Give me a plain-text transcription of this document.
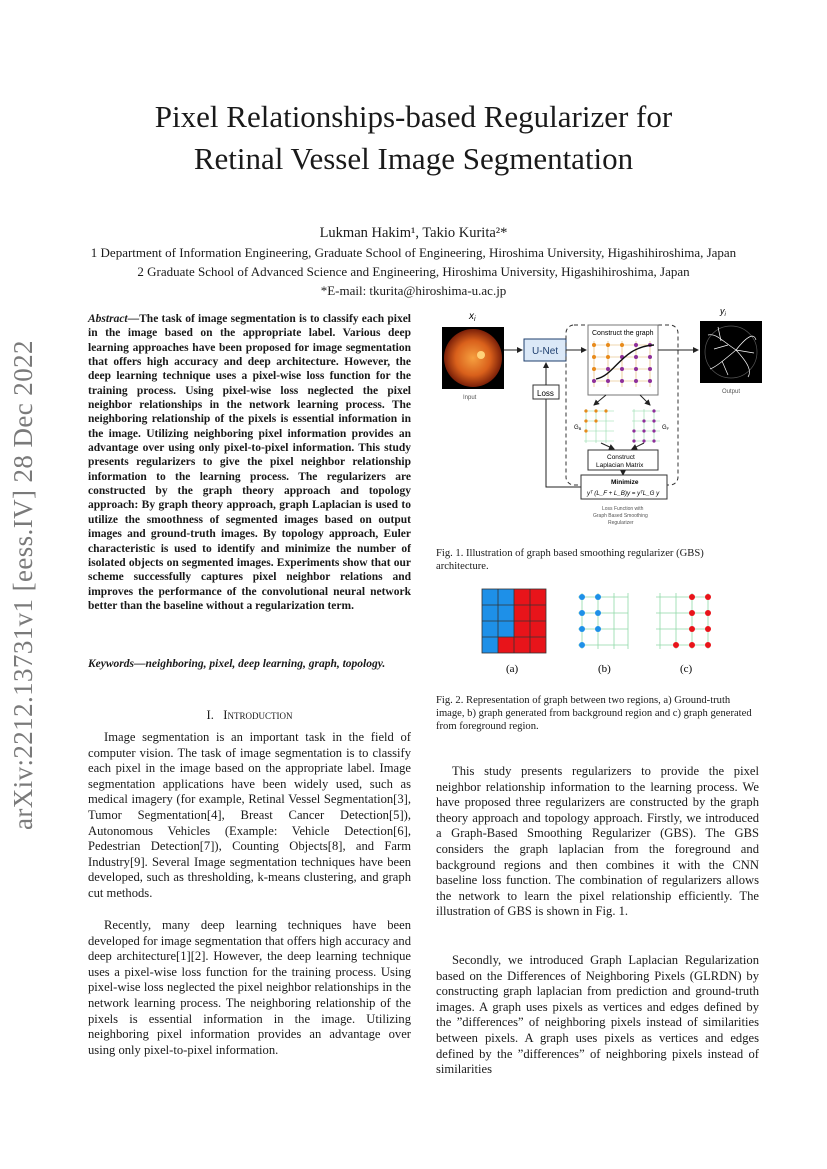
Pixel Relationships-based Regularizer for
Retinal Vessel Image Segmentation
Lukman Hakim¹, Takio Kurita²*
1 Department of Information Engineering, Graduate School of Engineering, Hiroshima University, Higashihiroshima, Japan
2 Graduate School of Advanced Science and Engineering, Hiroshima University, Higashihiroshima, Japan
*E-mail: tkurita@hiroshima-u.ac.jp
arXiv:2212.13731v1 [eess.IV] 28 Dec 2022
Abstract—The task of image segmentation is to classify each pixel in the image based on the appropriate label. Various deep learning approaches have been proposed for image segmentation that offers high accuracy and deep architecture. However, the deep learning technique uses a pixel-wise loss function for the training process. Using pixel-wise loss neglected the pixel neighbor relationships in the network learning process. The neighboring relationship of the pixels is essential information in the image. Utilizing neighboring pixel information provides an advantage over using only pixel-to-pixel information. This study presents regularizers to give the pixel neighbor relationship information to the learning process. The regularizers are constructed by the graph theory approach and topology approach: By graph theory approach, graph Laplacian is used to utilize the smoothness of segmented images based on output images and ground-truth images. By topology approach, Euler characteristic is used to identify and minimize the number of isolated objects on segmented images. Experiments show that our scheme successfully captures pixel neighbor relations and improves the performance of the convolutional neural network better than the baseline without a regularization term.
Keywords—neighboring, pixel, deep learning, graph, topology.
I. Introduction

Image segmentation is an important task in the field of computer vision. The task of image segmentation is to classify each pixel in the image based on the appropriate label. Image segmentation applications have been widely used, such as medical imagery (for example, Retinal Vessel Segmentation[3], Tumor Segmentation[4], Breast Cancer Detection[5]), Autonomous Vehicles (Example: Vehicle Detection[6], Pedestrian Detection[7]), Counting Objects[8], and Farm Industry[9]. Several Image segmentation techniques have been developed, such as thresholding, k-means clustering, and graph cut methods.

Recently, many deep learning techniques have been developed for image segmentation that offers high accuracy and deep architecture[1][2]. However, the deep learning technique uses a pixel-wise loss function for the training process. Using pixel-wise loss neglected the pixel neighbor relationships in the network learning process. The neighboring relationship of the pixels is essential information in the image. Utilizing neighboring pixel information provides an advantage over using only pixel-to-pixel information.

This study presents regularizers to provide the pixel neighbor relationship information to the learning process. We have proposed three regularizers are constructed by the graph theory approach and topology approach. Firstly, we introduced a Graph-Based Smoothing Regularizer (GBS). The GBS considers the graph laplacian from the foreground and background regions and then combines it with the CNN baseline loss function. The combination of regularizers allows the network to learn the pixel relationship efficiently. The illustration of GBS is shown in Fig. 1.

Secondly, we introduced Graph Laplacian Regularization based on the Differences of Neighboring Pixels (GLRDN) by constructing graph laplacian from prediction and ground-truth images. A graph uses pixels as vertices and edges defined by the ”differences” of neighboring pixels instead of similarities between pixels. A graph uses pixels as vertices and edges defined by the ”differences” of neighboring pixels instead of similarities

$x_i$
Input
U-Net
Loss
Construct the graph
$y_i$
Output
GB	GF
Construct
Laplacian Matrix
Minimize
yᵀ (L_F + L_B)y = yᵀL_G y
Loss Function with
Graph Based Smoothing
Regularizer
Fig. 1. Illustration of graph based smoothing regularizer (GBS) architecture.
(a)	(b)	(c)
Fig. 2. Representation of graph between two regions, a) Ground-truth image, b) graph generated from background region and c) graph generated from foreground region.
